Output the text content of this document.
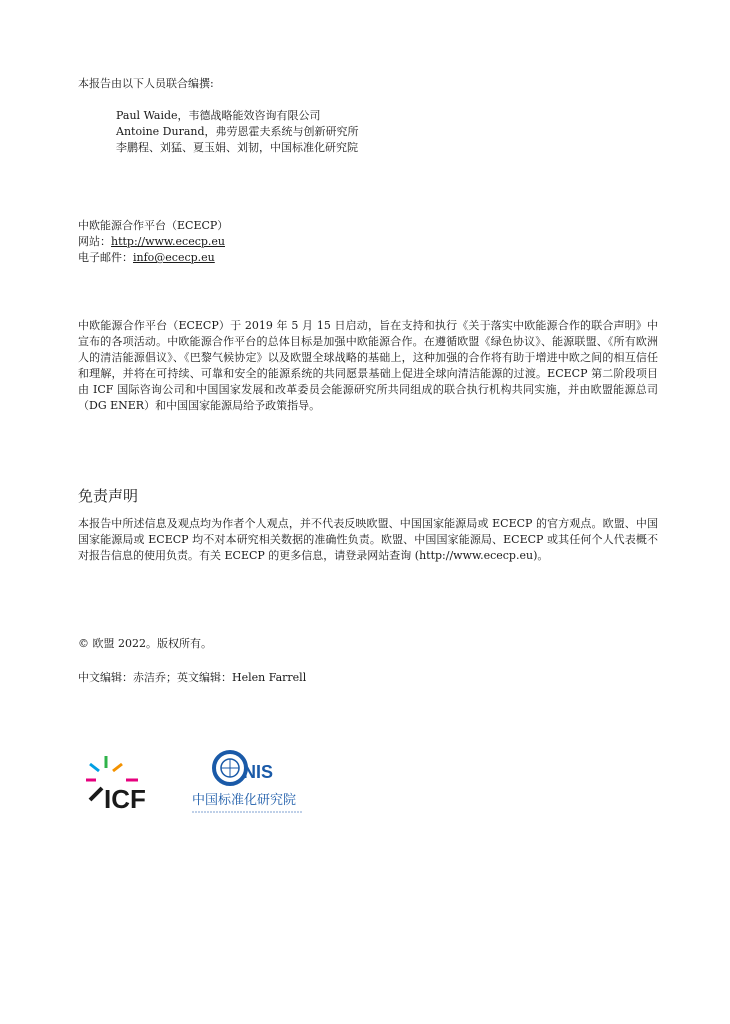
本报告由以下人员联合编撰:
Paul Waide，韦德战略能效咨询有限公司
Antoine Durand，弗劳恩霍夫系统与创新研究所
李鹏程、刘猛、夏玉娟、刘韧，中国标准化研究院
中欧能源合作平台（ECECP）
网站：http://www.ececp.eu
电子邮件：info@ececp.eu
中欧能源合作平台（ECECP）于 2019 年 5 月 15 日启动，旨在支持和执行《关于落实中欧能源合作的联合声明》中宣布的各项活动。中欧能源合作平台的总体目标是加强中欧能源合作。在遵循欧盟《绿色协议》、能源联盟、《所有欧洲人的清洁能源倡议》、《巴黎气候协定》以及欧盟全球战略的基础上，这种加强的合作将有助于增进中欧之间的相互信任和理解，并将在可持续、可靠和安全的能源系统的共同愿景基础上促进全球向清洁能源的过渡。ECECP 第二阶段项目由 ICF 国际咨询公司和中国国家发展和改革委员会能源研究所共同组成的联合执行机构共同实施，并由欧盟能源总司（DG ENER）和中国国家能源局给予政策指导。
免责声明
本报告中所述信息及观点均为作者个人观点，并不代表反映欧盟、中国国家能源局或 ECECP 的官方观点。欧盟、中国国家能源局或 ECECP 均不对本研究相关数据的准确性负责。欧盟、中国国家能源局、ECECP 或其任何个人代表概不对报告信息的使用负责。有关 ECECP 的更多信息，请登录网站查询 (http://www.ececp.eu)。
© 欧盟 2022。版权所有。
中文编辑：赤洁乔；英文编辑：Helen Farrell
ICF
NIS
中国标准化研究院
